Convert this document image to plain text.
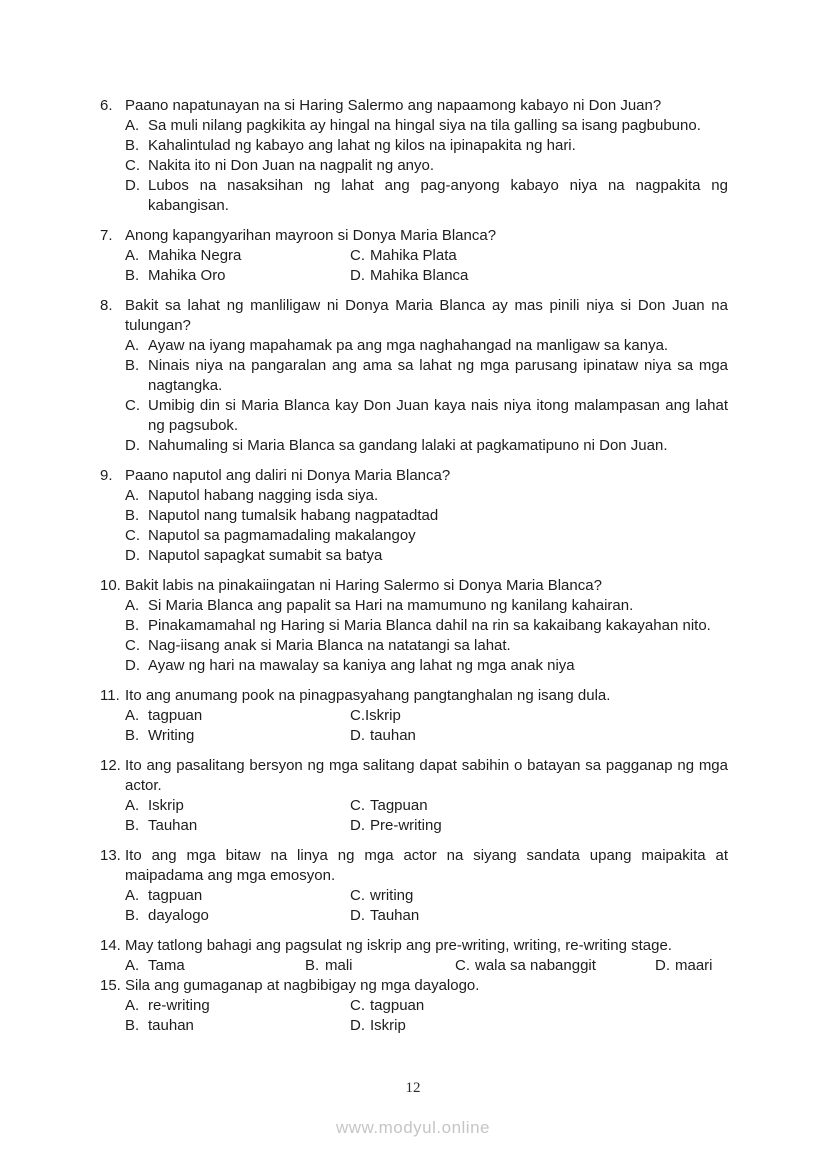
6. Paano napatunayan na si Haring Salermo ang napaamong kabayo ni Don Juan?
A. Sa muli nilang pagkikita ay hingal na hingal siya na tila galling sa isang pagbubuno.
B. Kahalintulad ng kabayo ang lahat ng kilos na ipinapakita ng hari.
C. Nakita ito ni Don Juan na nagpalit ng anyo.
D. Lubos na nasaksihan ng lahat ang pag-anyong kabayo niya na nagpakita ng kabangisan.
7. Anong kapangyarihan mayroon si Donya Maria Blanca?
A. Mahika Negra	C. Mahika Plata
B. Mahika Oro	D. Mahika Blanca
8. Bakit sa lahat ng manliligaw ni Donya Maria Blanca ay mas pinili niya si Don Juan na tulungan?
A. Ayaw na iyang mapahamak pa ang mga naghahangad na manligaw sa kanya.
B. Ninais niya na pangaralan ang ama sa lahat ng mga parusang ipinataw niya sa mga nagtangka.
C. Umibig din si Maria Blanca kay Don Juan kaya nais niya itong malampasan ang lahat ng pagsubok.
D. Nahumaling si Maria Blanca sa gandang lalaki at pagkamatipuno ni Don Juan.
9. Paano naputol ang daliri ni Donya Maria Blanca?
A. Naputol habang nagging isda siya.
B. Naputol nang tumalsik habang nagpatadtad
C. Naputol sa pagmamadaling makalangoy
D. Naputol sapagkat sumabit sa batya
10. Bakit labis na pinakaiingatan ni Haring Salermo si Donya Maria Blanca?
A. Si Maria Blanca ang papalit sa Hari na mamumuno ng kanilang kahairan.
B. Pinakamamahal ng Haring si Maria Blanca dahil na rin sa kakaibang kakayahan nito.
C. Nag-iisang anak si Maria Blanca na natatangi sa lahat.
D. Ayaw ng hari na mawalay sa kaniya ang lahat ng mga anak niya
11. Ito ang anumang pook na pinagpasyahang pangtanghalan ng isang dula.
A. tagpuan	C. Iskrip
B. Writing	D. tauhan
12. Ito ang pasalitang bersyon ng mga salitang dapat sabihin o batayan sa pagganap ng mga actor.
A. Iskrip	C. Tagpuan
B. Tauhan	D. Pre-writing
13. Ito ang mga bitaw na linya ng mga actor na siyang sandata upang maipakita at maipadama ang mga emosyon.
A. tagpuan	C. writing
B. dayalogo	D. Tauhan
14. May tatlong bahagi ang pagsulat ng iskrip ang pre-writing, writing, re-writing stage.
A. Tama	B. mali	C. wala sa nabanggit	D. maari
15. Sila ang gumaganap at nagbibigay ng mga dayalogo.
A. re-writing	C. tagpuan
B. tauhan	D. Iskrip
12
www.modyul.online
